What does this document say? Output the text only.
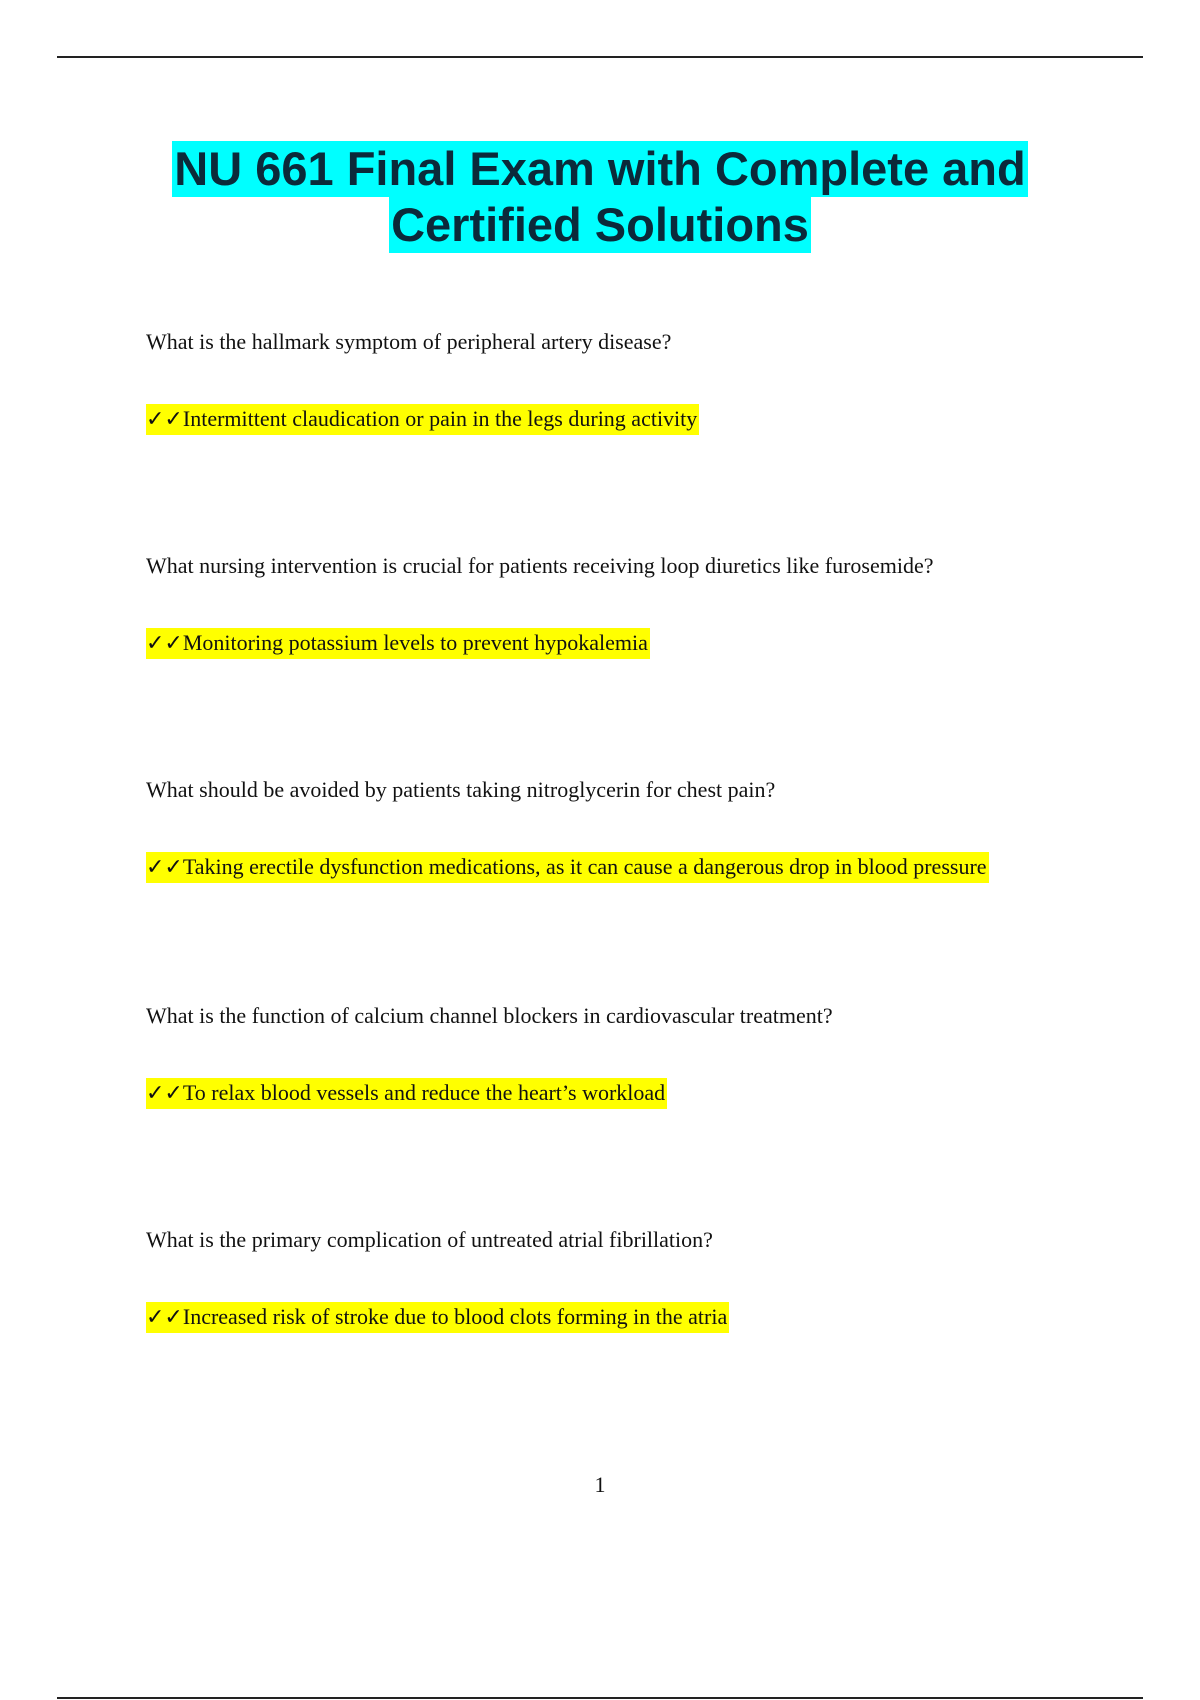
NU 661 Final Exam with Complete and
Certified Solutions

What is the hallmark symptom of peripheral artery disease?

✓✓Intermittent claudication or pain in the legs during activity

What nursing intervention is crucial for patients receiving loop diuretics like furosemide?

✓✓Monitoring potassium levels to prevent hypokalemia

What should be avoided by patients taking nitroglycerin for chest pain?

✓✓Taking erectile dysfunction medications, as it can cause a dangerous drop in blood pressure

What is the function of calcium channel blockers in cardiovascular treatment?

✓✓To relax blood vessels and reduce the heart’s workload

What is the primary complication of untreated atrial fibrillation?

✓✓Increased risk of stroke due to blood clots forming in the atria
1
